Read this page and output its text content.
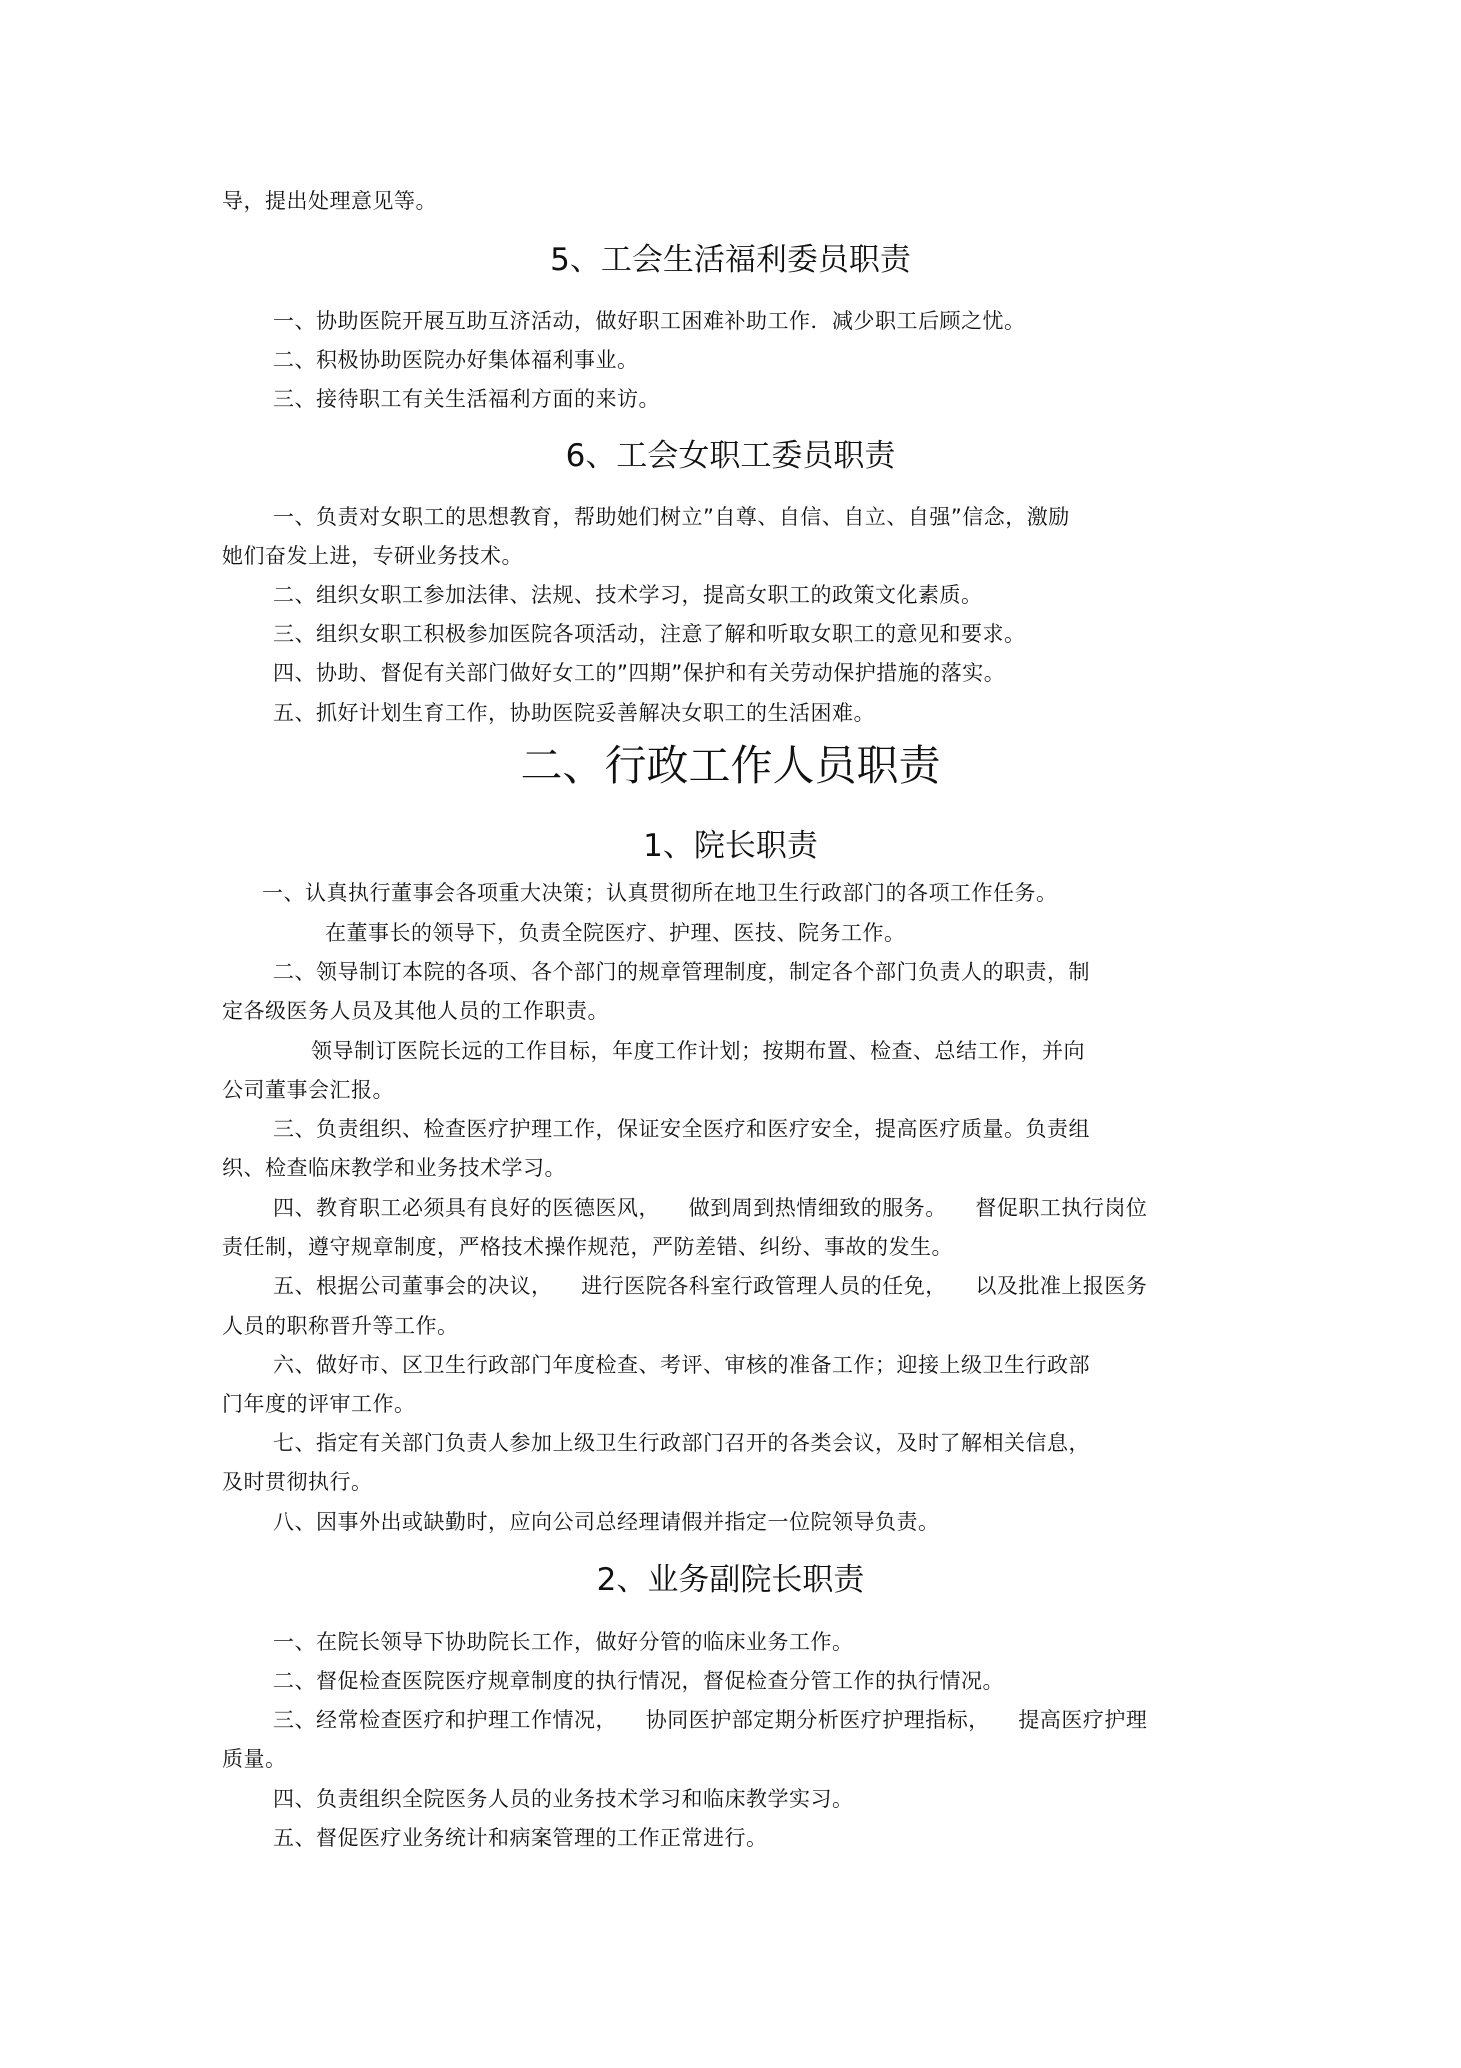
导，提出处理意见等。
5、工会生活福利委员职责
一、协助医院开展互助互济活动，做好职工困难补助工作．减少职工后顾之忧。
二、积极协助医院办好集体福利事业。
三、接待职工有关生活福利方面的来访。
6、工会女职工委员职责
一、负责对女职工的思想教育，帮助她们树立”自尊、自信、自立、自强”信念，激励
她们奋发上进，专研业务技术。
二、组织女职工参加法律、法规、技术学习，提高女职工的政策文化素质。
三、组织女职工积极参加医院各项活动，注意了解和听取女职工的意见和要求。
四、协助、督促有关部门做好女工的”四期”保护和有关劳动保护措施的落实。
五、抓好计划生育工作，协助医院妥善解决女职工的生活困难。
二、行政工作人员职责
1、院长职责
一、认真执行董事会各项重大决策；认真贯彻所在地卫生行政部门的各项工作任务。
在董事长的领导下，负责全院医疗、护理、医技、院务工作。
二、领导制订本院的各项、各个部门的规章管理制度，制定各个部门负责人的职责，制
定各级医务人员及其他人员的工作职责。
领导制订医院长远的工作目标，年度工作计划；按期布置、检查、总结工作，并向
公司董事会汇报。
三、负责组织、检查医疗护理工作，保证安全医疗和医疗安全，提高医疗质量。负责组
织、检查临床教学和业务技术学习。
四、教育职工必须具有良好的医德医风，    做到周到热情细致的服务。    督促职工执行岗位
责任制，遵守规章制度，严格技术操作规范，严防差错、纠纷、事故的发生。
五、根据公司董事会的决议，    进行医院各科室行政管理人员的任免，    以及批准上报医务
人员的职称晋升等工作。
六、做好市、区卫生行政部门年度检查、考评、审核的准备工作；迎接上级卫生行政部
门年度的评审工作。
七、指定有关部门负责人参加上级卫生行政部门召开的各类会议，及时了解相关信息，
及时贯彻执行。
八、因事外出或缺勤时，应向公司总经理请假并指定一位院领导负责。
2、业务副院长职责
一、在院长领导下协助院长工作，做好分管的临床业务工作。
二、督促检查医院医疗规章制度的执行情况，督促检查分管工作的执行情况。
三、经常检查医疗和护理工作情况，    协同医护部定期分析医疗护理指标，    提高医疗护理
质量。
四、负责组织全院医务人员的业务技术学习和临床教学实习。
五、督促医疗业务统计和病案管理的工作正常进行。
